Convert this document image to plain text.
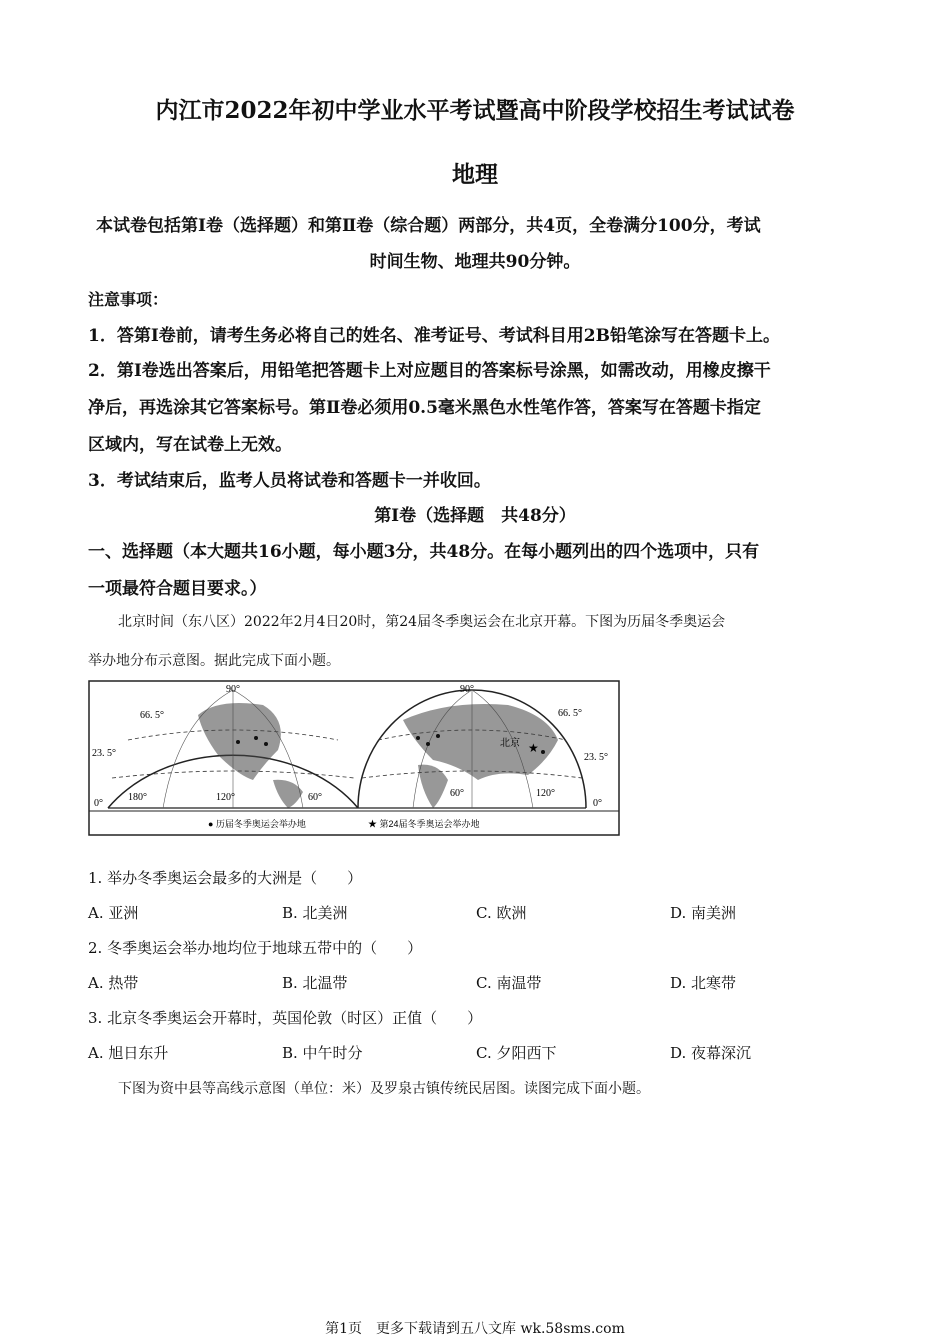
内江市2022年初中学业水平考试暨高中阶段学校招生考试试卷
地理
本试卷包括第Ⅰ卷（选择题）和第Ⅱ卷（综合题）两部分，共4页，全卷满分100分，考试
时间生物、地理共90分钟。
注意事项：
1．答第Ⅰ卷前，请考生务必将自己的姓名、准考证号、考试科目用2B铅笔涂写在答题卡上。
2．第Ⅰ卷选出答案后，用铅笔把答题卡上对应题目的答案标号涂黑，如需改动，用橡皮擦干
净后，再选涂其它答案标号。第Ⅱ卷必须用0.5毫米黑色水性笔作答，答案写在答题卡指定
区域内，写在试卷上无效。
3．考试结束后，监考人员将试卷和答题卡一并收回。
第Ⅰ卷（选择题　共48分）
一、选择题（本大题共16小题，每小题3分，共48分。在每小题列出的四个选项中，只有
一项最符合题目要求。）
北京时间（东八区）2022年2月4日20时，第24届冬季奥运会在北京开幕。下图为历届冬季奥运会
举办地分布示意图。据此完成下面小题。
66. 5°
90°
23. 5°
0°
180°	120°	60°
★
北京
90°
66. 5°
23. 5°
0°
60°	120°
● 历届冬季奥运会举办地	★ 第24届冬季奥运会举办地
1. 举办冬季奥运会最多的大洲是（　　）
A. 亚洲	B. 北美洲	C. 欧洲	D. 南美洲
2. 冬季奥运会举办地均位于地球五带中的（　　）
A. 热带	B. 北温带	C. 南温带	D. 北寒带
3. 北京冬季奥运会开幕时，英国伦敦（时区）正值（　　）
A. 旭日东升	B. 中午时分	C. 夕阳西下	D. 夜幕深沉
下图为资中县等高线示意图（单位：米）及罗泉古镇传统民居图。读图完成下面小题。
第1页　更多下载请到五八文库 wk.58sms.com
